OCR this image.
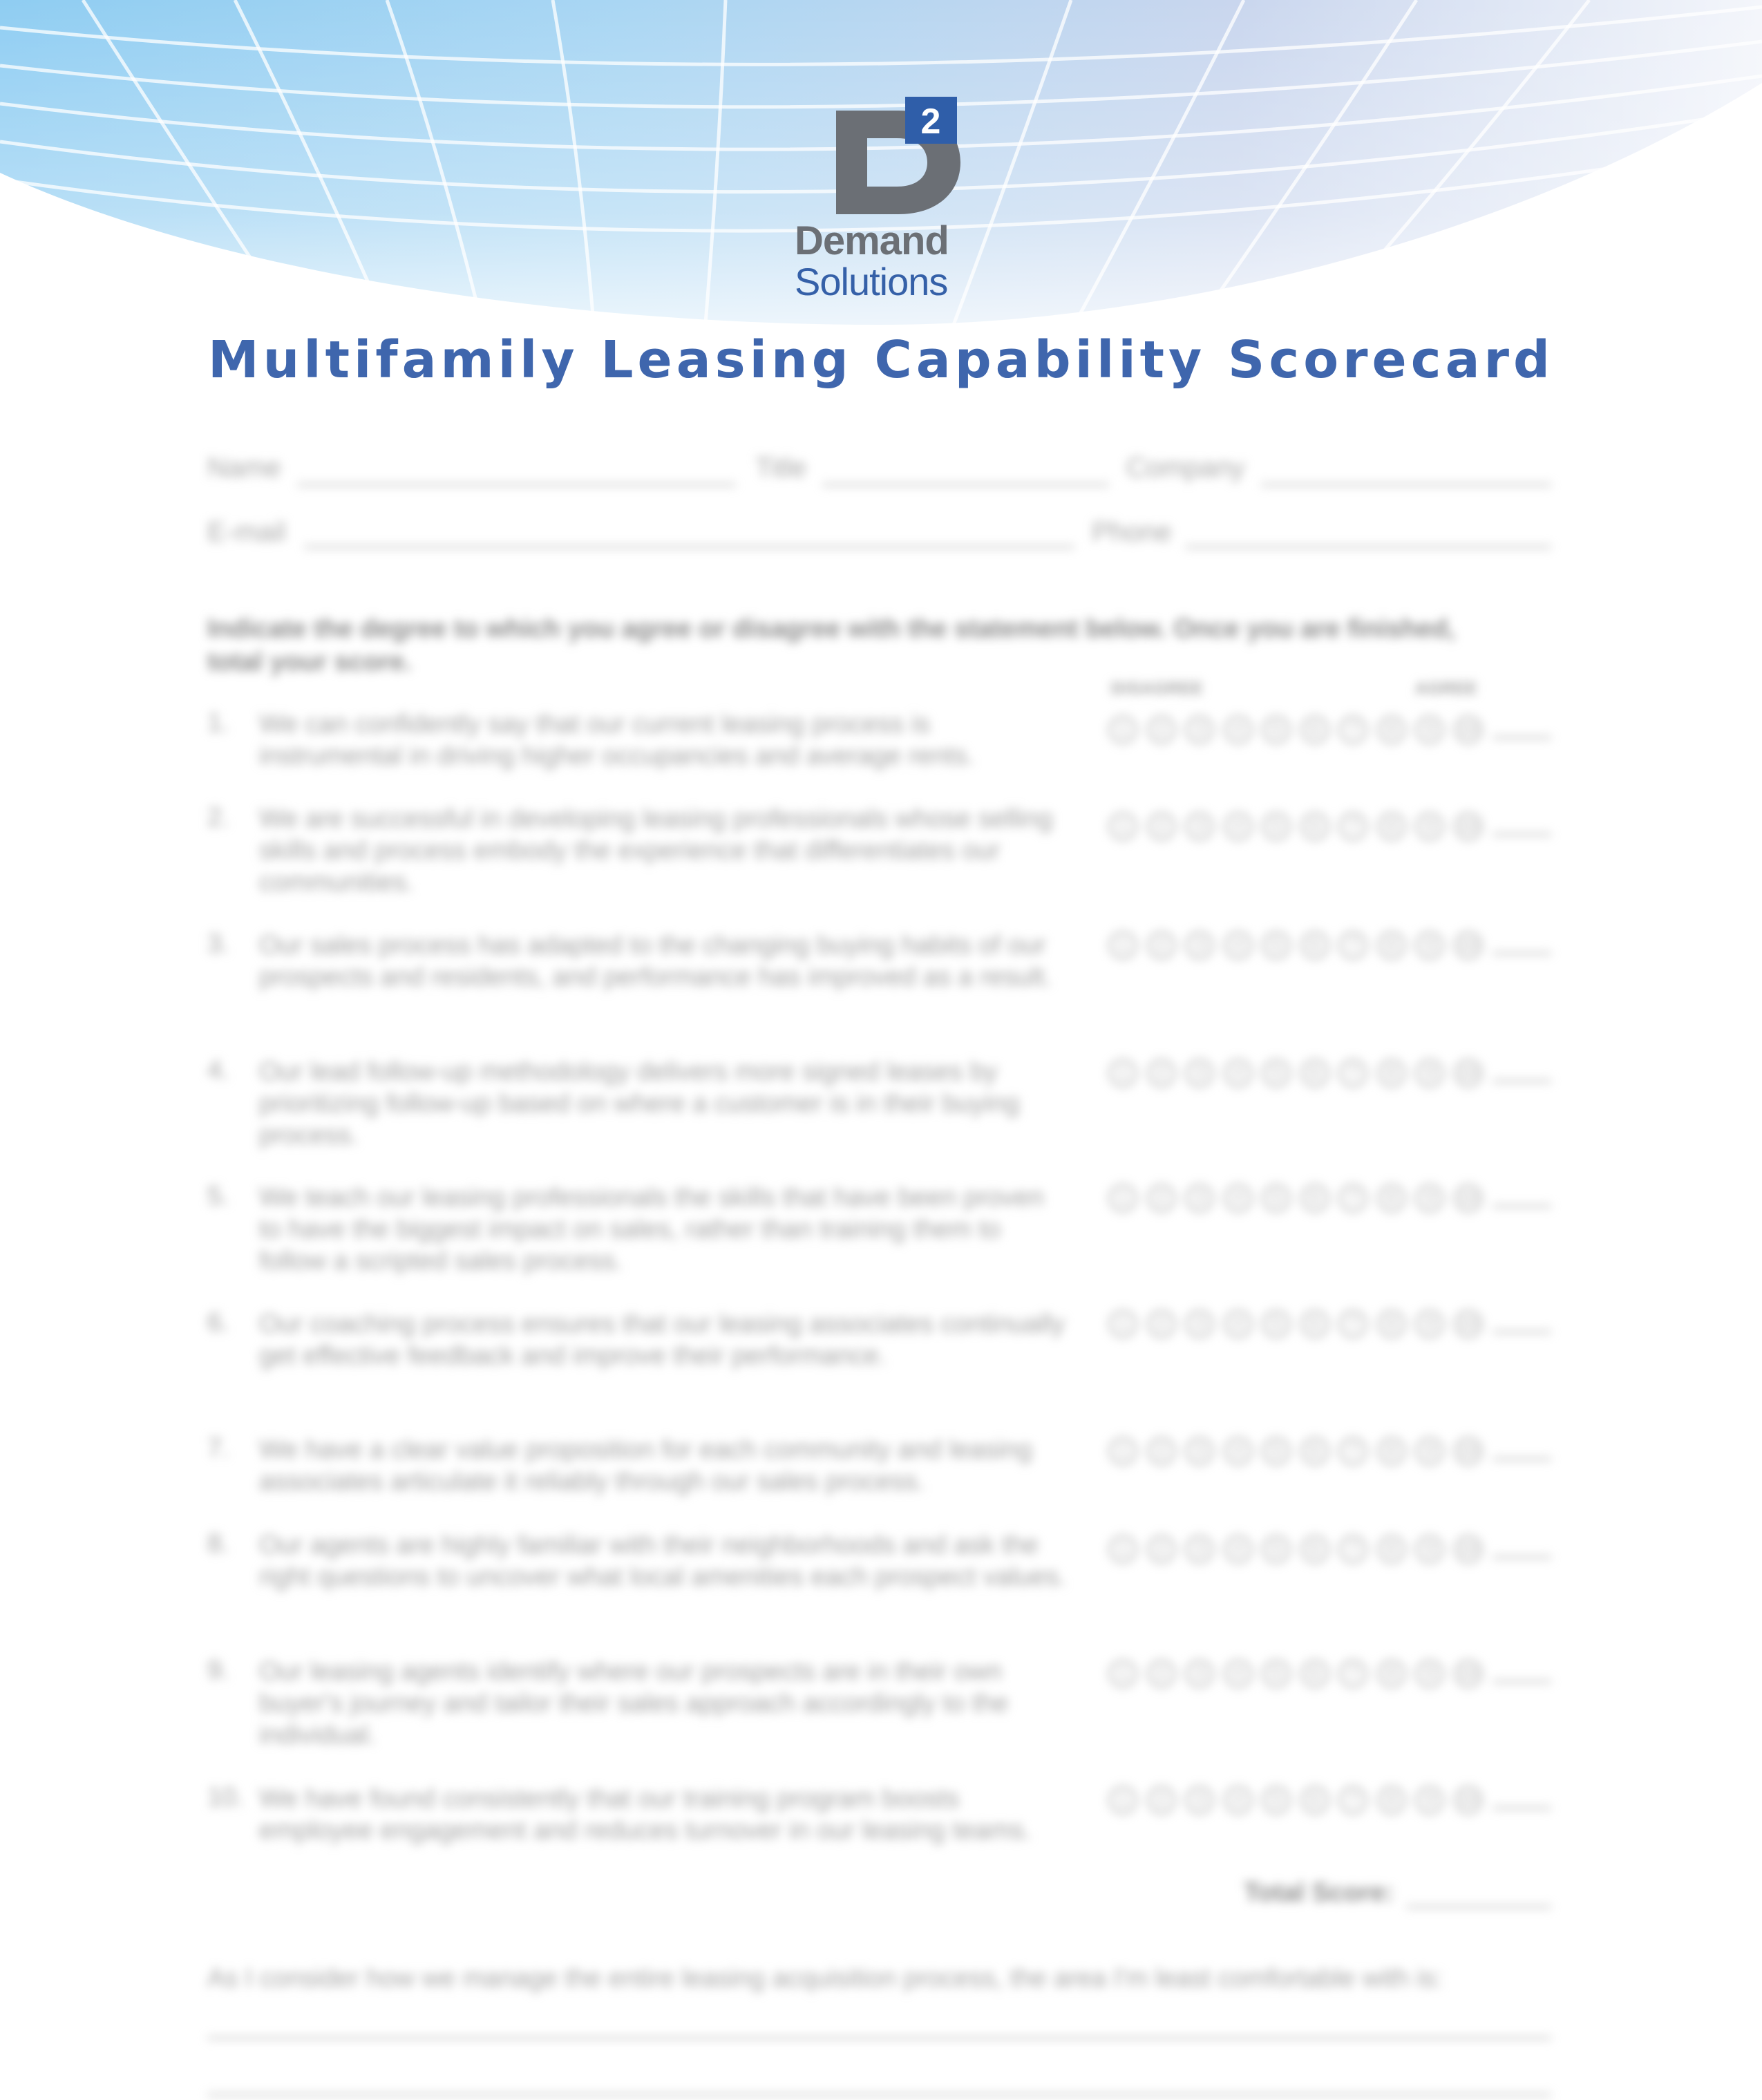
2
Demand
Solutions
Multifamily Leasing Capability Scorecard
Name	Title	Company
E-mail	Phone
Indicate the degree to which you agree or disagree with the statement below. Once you are finished, total your score.
DISAGREE	AGREE
1.	We can confidently say that our current leasing process is instrumental in driving higher occupancies and average rents.
1	2	3	4	5	6	7	8	9	10
2.	We are successful in developing leasing professionals whose selling skills and process embody the experience that differentiates our communities.
1	2	3	4	5	6	7	8	9	10
3.	Our sales process has adapted to the changing buying habits of our prospects and residents, and performance has improved as a result.
1	2	3	4	5	6	7	8	9	10
4.	Our lead follow-up methodology delivers more signed leases by prioritizing follow-up based on where a customer is in their buying process.
1	2	3	4	5	6	7	8	9	10
5.	We teach our leasing professionals the skills that have been proven to have the biggest impact on sales, rather than training them to follow a scripted sales process.
1	2	3	4	5	6	7	8	9	10
6.	Our coaching process ensures that our leasing associates continually get effective feedback and improve their performance.
1	2	3	4	5	6	7	8	9	10
7.	We have a clear value proposition for each community and leasing associates articulate it reliably through our sales process.
1	2	3	4	5	6	7	8	9	10
8.	Our agents are highly familiar with their neighborhoods and ask the right questions to uncover what local amenities each prospect values.
1	2	3	4	5	6	7	8	9	10
9.	Our leasing agents identify where our prospects are in their own buyer's journey and tailor their sales approach accordingly to the individual.
1	2	3	4	5	6	7	8	9	10
10. We have found consistently that our training program boosts employee engagement and reduces turnover in our leasing teams.
1	2	3	4	5	6	7	8	9	10
Total Score:
As I consider how we manage the entire leasing acquisition process, the area I'm least comfortable with is:
